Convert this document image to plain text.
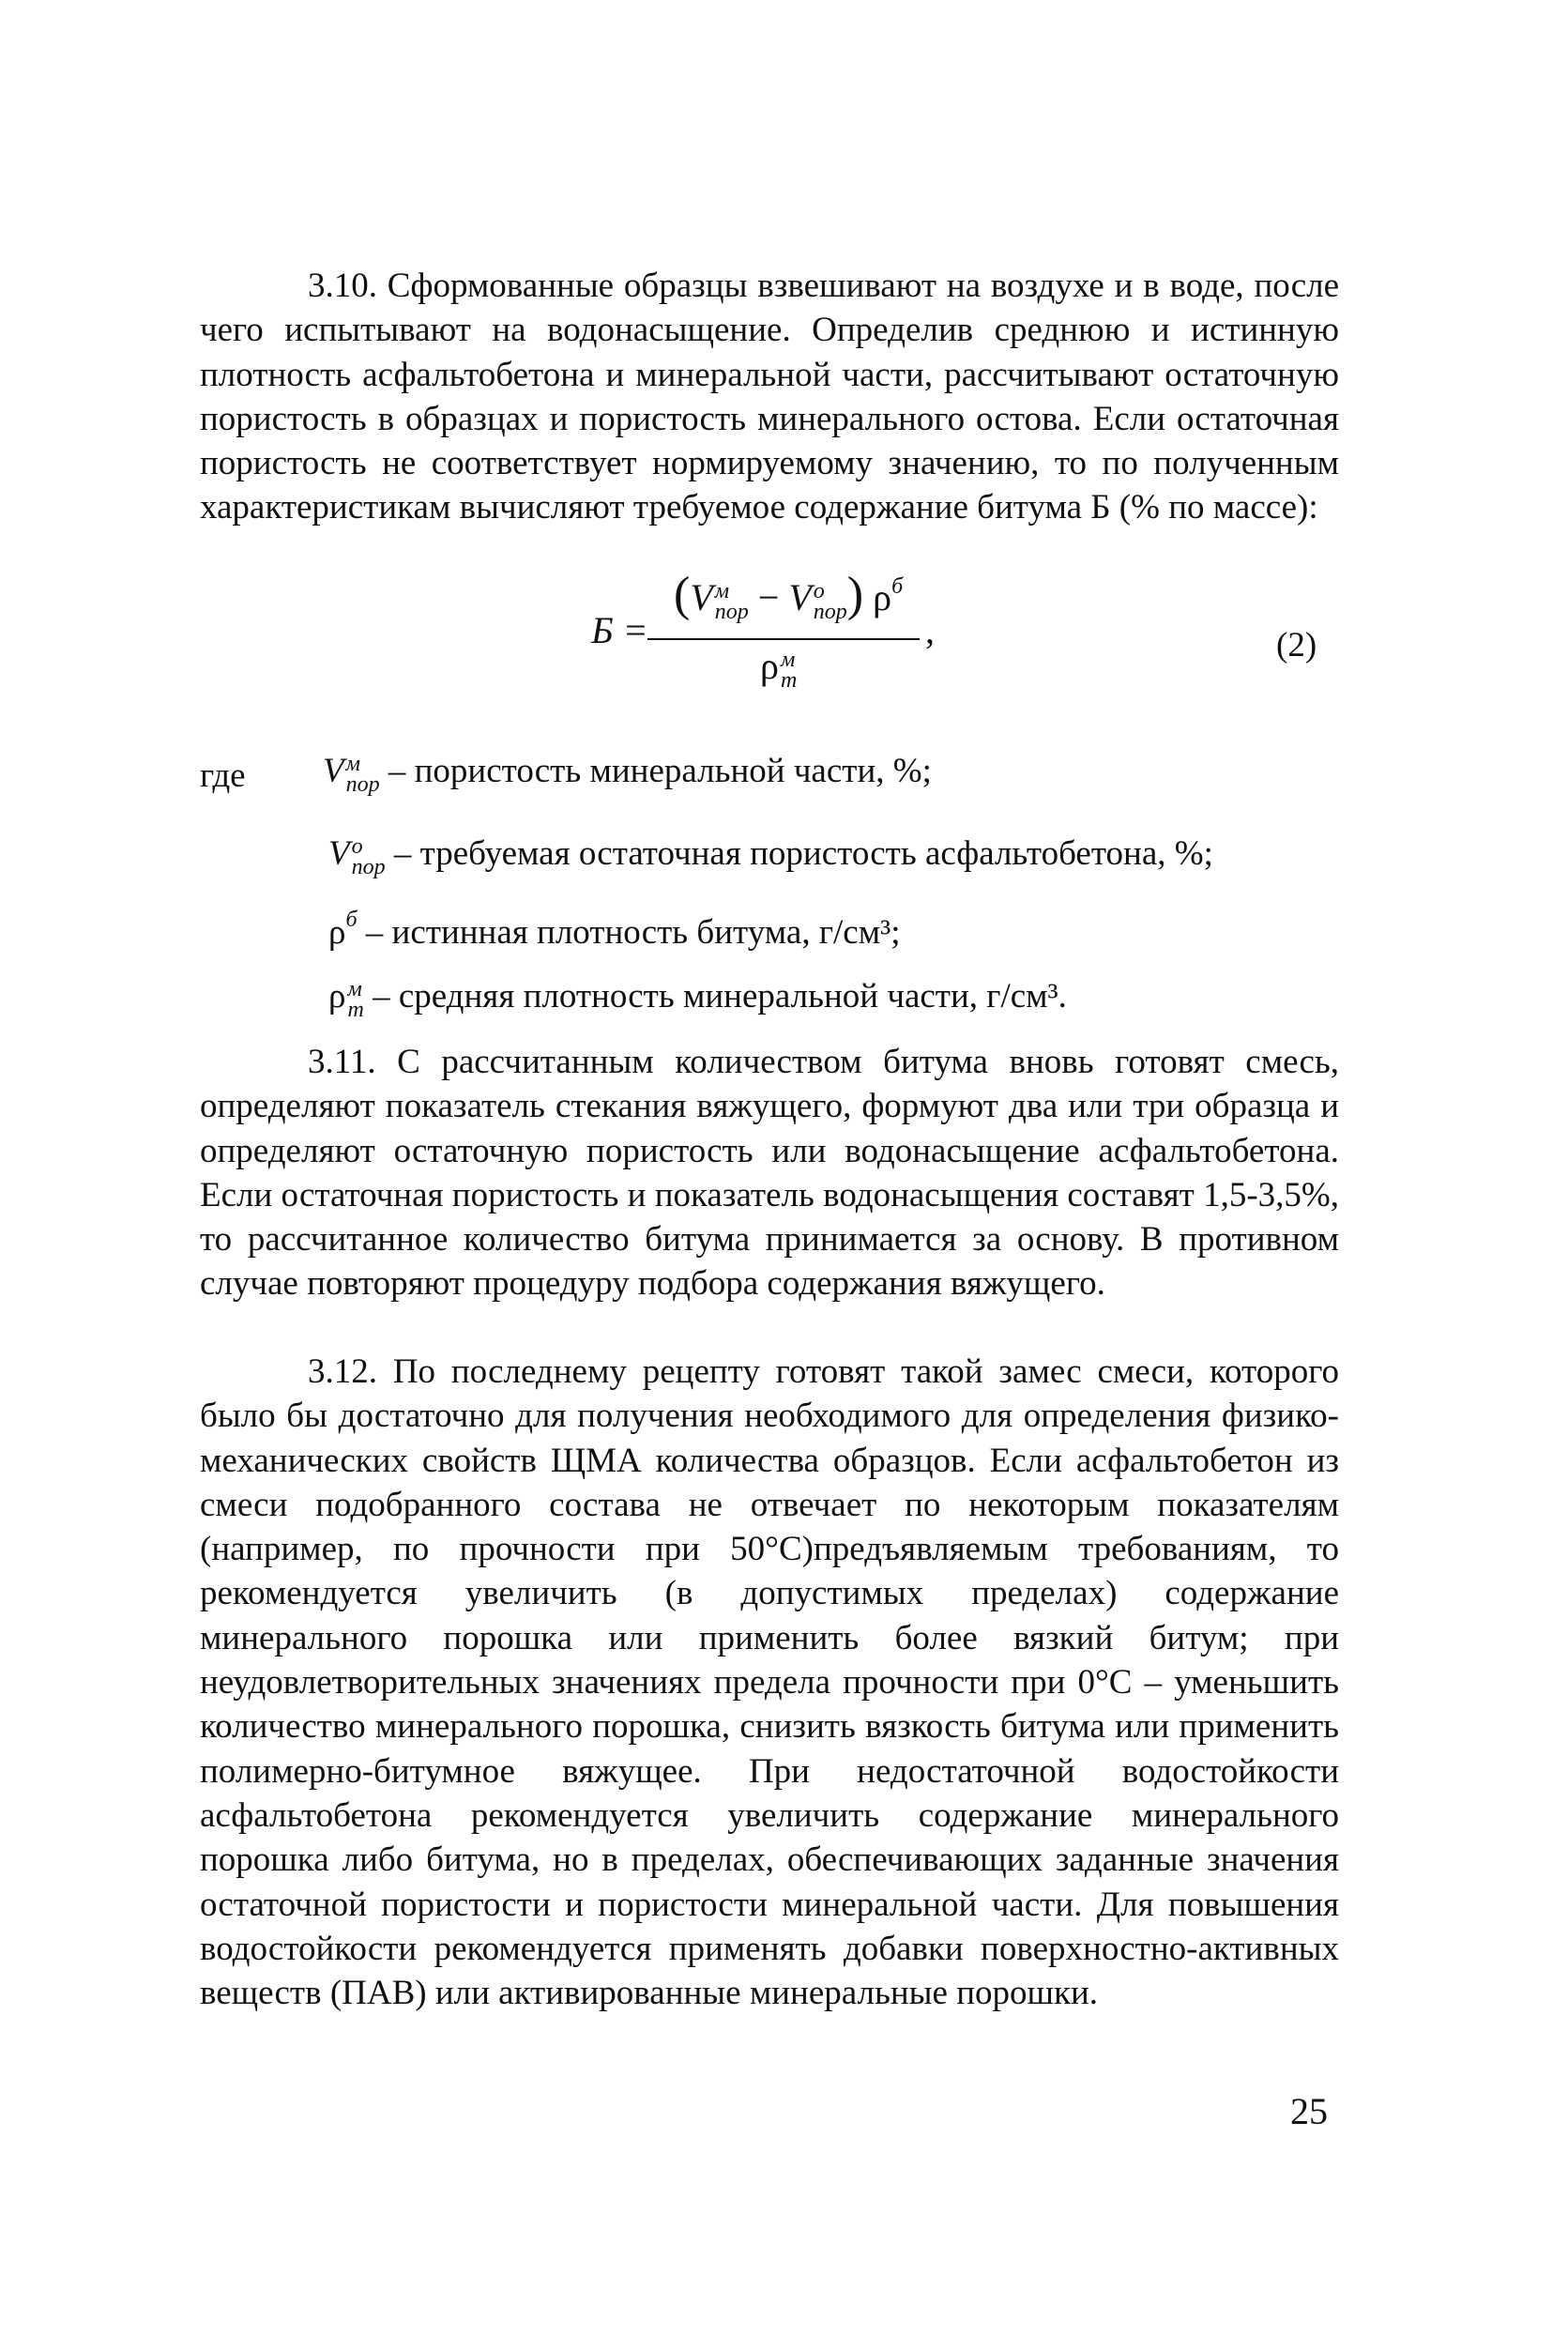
3.10. Сформованные образцы взвешивают на воздухе и в воде, после чего испытывают на водонасыщение. Определив среднюю и истинную плотность асфальтобетона и минеральной части, рассчитывают остаточную пористость в образцах и пористость минерального остова. Если остаточная пористость не соответствует нормируемому значению, то по полученным характеристикам вычисляют требуемое содержание битума Б (% по массе):
Б =
(V м
пор − V о
пор ) $\rho^б$
ρ м
т
,	(2)
где V м
пор – пористость минеральной части, %;
V о
пор – требуемая остаточная пористость асфальтобетона, %;
$\rho^б$ – истинная плотность битума, г/см³;
ρ м
т – средняя плотность минеральной части, г/см³.
3.11. С рассчитанным количеством битума вновь готовят смесь, определяют показатель стекания вяжущего, формуют два или три образца и определяют остаточную пористость или водонасыщение асфальтобетона. Если остаточная пористость и показатель водонасыщения составят 1,5-3,5%, то рассчитанное количество битума принимается за основу. В противном случае повторяют процедуру подбора содержания вяжущего.
3.12. По последнему рецепту готовят такой замес смеси, которого было бы достаточно для получения необходимого для определения физико-механических свойств ЩМА количества образцов. Если асфальтобетон из смеси подобранного состава не отвечает по некоторым показателям (например, по прочности при 50°С)предъявляемым требованиям, то рекомендуется увеличить (в допустимых пределах) содержание минерального порошка или применить более вязкий битум; при неудовлетворительных значениях предела прочности при 0°С – уменьшить количество минерального порошка, снизить вязкость битума или применить полимерно-битумное вяжущее. При недостаточной водостойкости асфальтобетона рекомендуется увеличить содержание минерального порошка либо битума, но в пределах, обеспечивающих заданные значения остаточной пористости и пористости минеральной части. Для повышения водостойкости рекомендуется применять добавки поверхностно-активных веществ (ПАВ) или активированные минеральные порошки.
25
